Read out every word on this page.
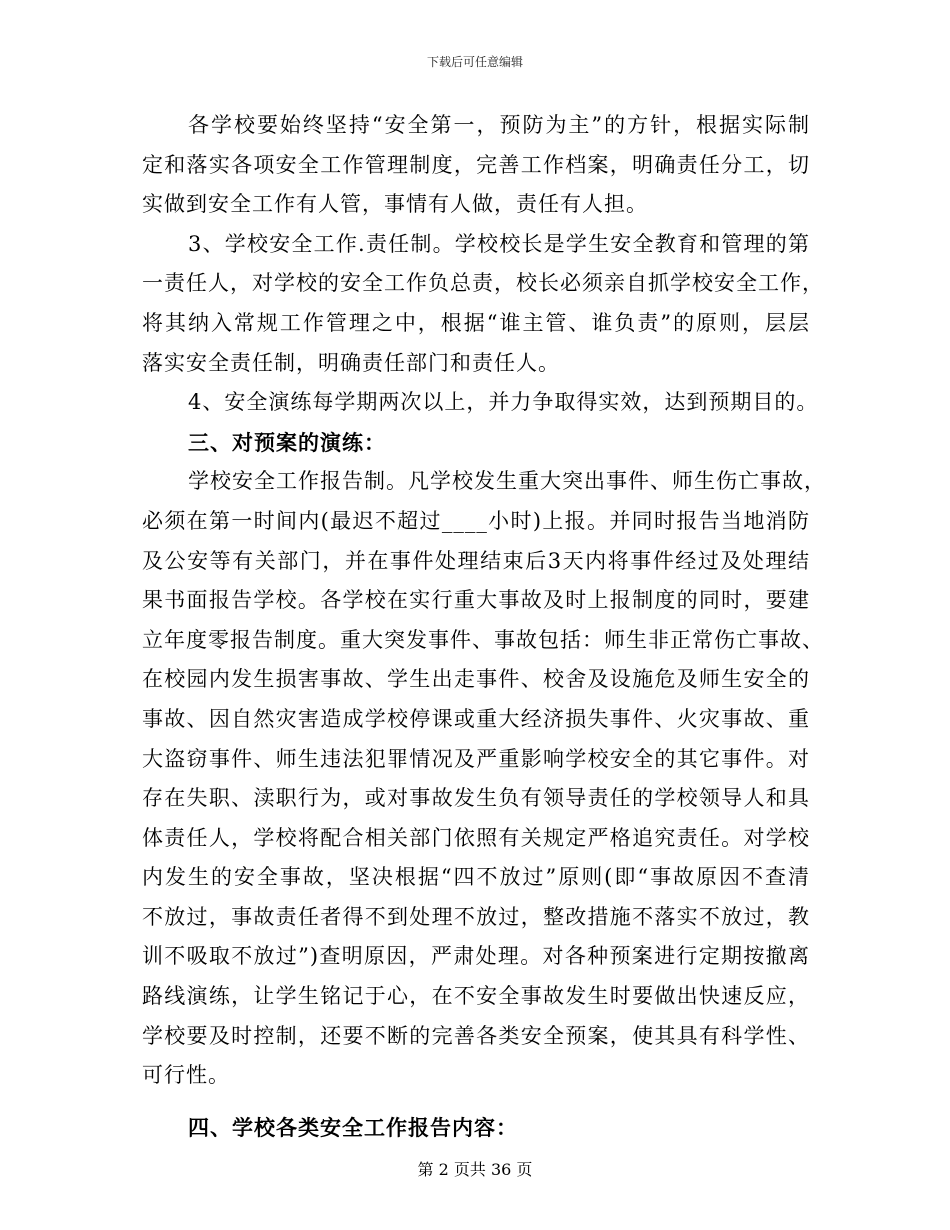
下载后可任意编辑
各学校要始终坚持“安全第一，预防为主”的方针，根据实际制
定和落实各项安全工作管理制度，完善工作档案，明确责任分工，切
实做到安全工作有人管，事情有人做，责任有人担。
3、学校安全工作.责任制。学校校长是学生安全教育和管理的第
一责任人，对学校的安全工作负总责，校长必须亲自抓学校安全工作，
将其纳入常规工作管理之中，根据“谁主管、谁负责”的原则，层层
落实安全责任制，明确责任部门和责任人。
4、安全演练每学期两次以上，并力争取得实效，达到预期目的。
三、对预案的演练：
学校安全工作报告制。凡学校发生重大突出事件、师生伤亡事故，
必须在第一时间内(最迟不超过____小时)上报。并同时报告当地消防
及公安等有关部门，并在事件处理结束后3天内将事件经过及处理结
果书面报告学校。各学校在实行重大事故及时上报制度的同时，要建
立年度零报告制度。重大突发事件、事故包括：师生非正常伤亡事故、
在校园内发生损害事故、学生出走事件、校舍及设施危及师生安全的
事故、因自然灾害造成学校停课或重大经济损失事件、火灾事故、重
大盗窃事件、师生违法犯罪情况及严重影响学校安全的其它事件。对
存在失职、渎职行为，或对事故发生负有领导责任的学校领导人和具
体责任人，学校将配合相关部门依照有关规定严格追究责任。对学校
内发生的安全事故，坚决根据“四不放过”原则(即“事故原因不查清
不放过，事故责任者得不到处理不放过，整改措施不落实不放过，教
训不吸取不放过”)查明原因，严肃处理。对各种预案进行定期按撤离
路线演练，让学生铭记于心，在不安全事故发生时要做出快速反应，
学校要及时控制，还要不断的完善各类安全预案，使其具有科学性、
可行性。
四、学校各类安全工作报告内容：
第 2 页共 36 页
